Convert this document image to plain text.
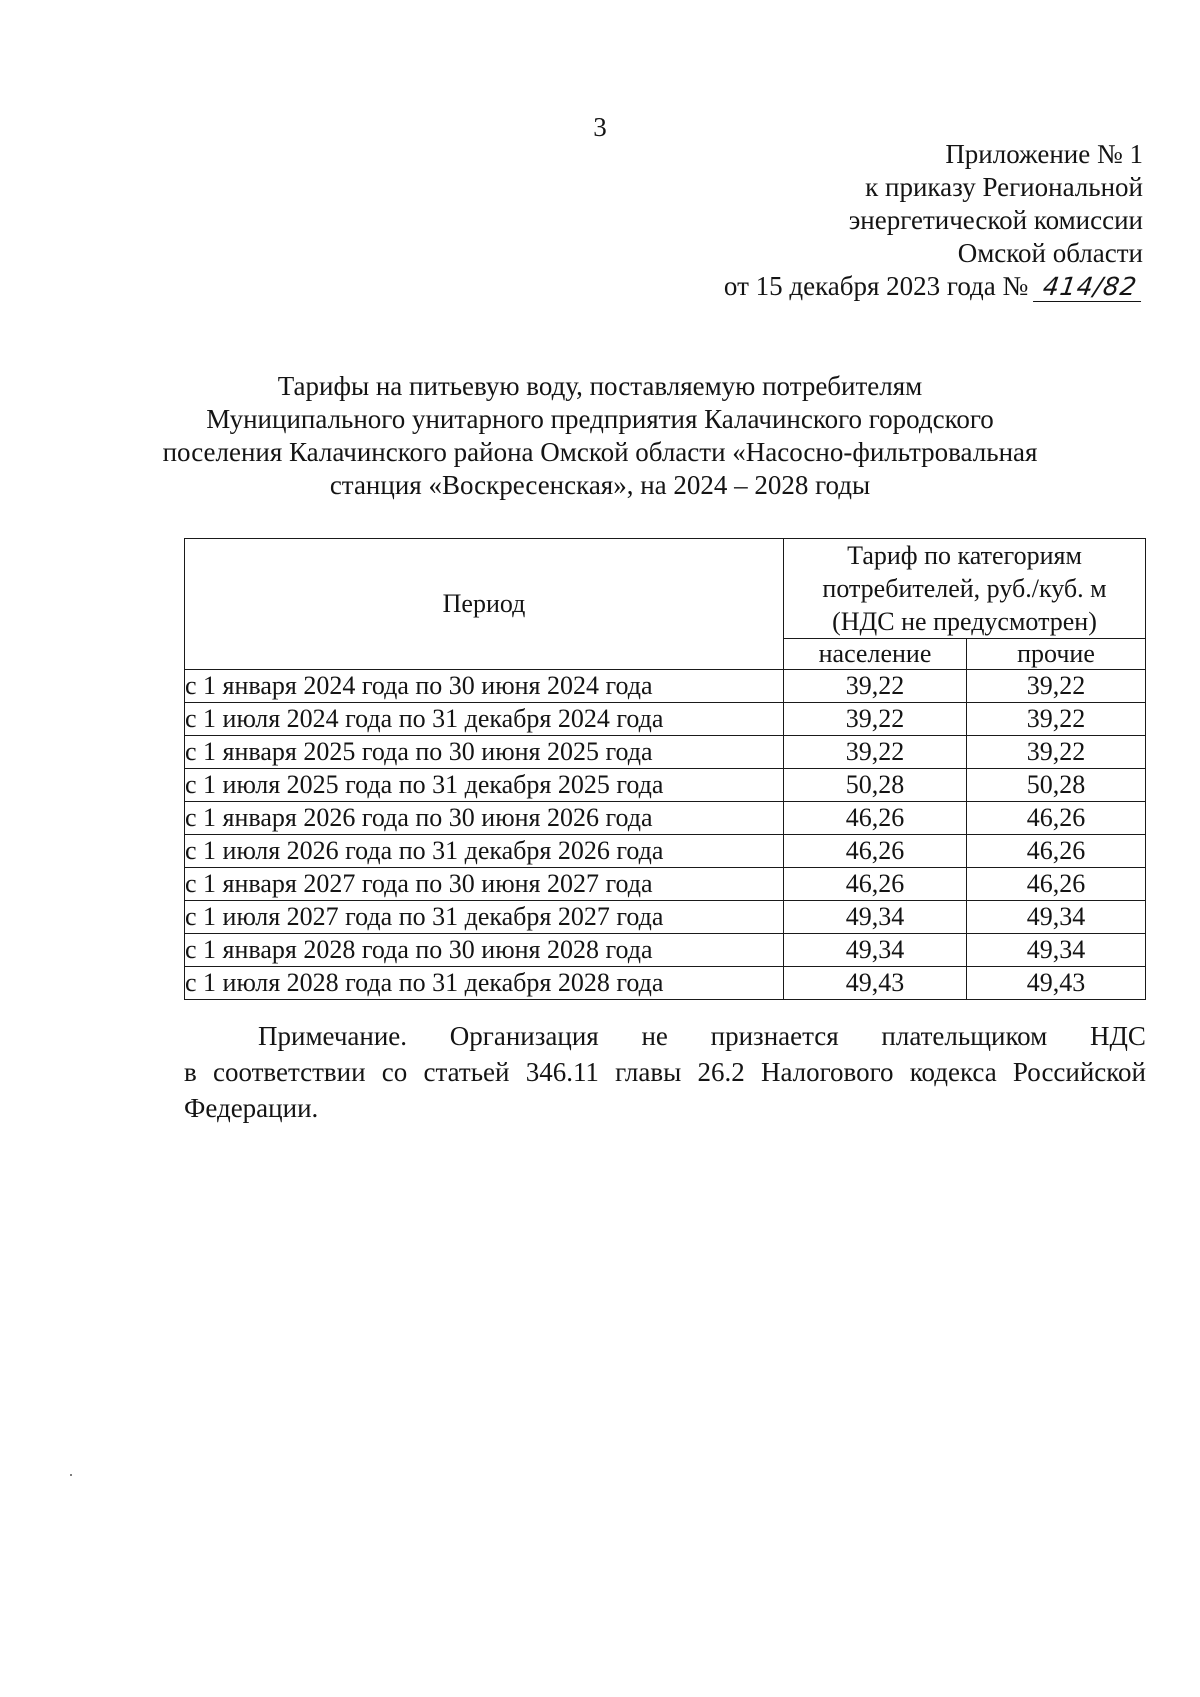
3
Приложение № 1
к приказу Региональной
энергетической комиссии
Омской области
от 15 декабря 2023 года № 414/82
Тарифы на питьевую воду, поставляемую потребителям
Муниципального унитарного предприятия Калачинского городского
поселения Калачинского района Омской области «Насосно-фильтровальная
станция «Воскресенская», на 2024 – 2028 годы
Период	Тариф по категориям
потребителей, руб./куб. м
(НДС не предусмотрен)	
	население	прочие
с 1 января 2024 года по 30 июня 2024 года	39,22	39,22
с 1 июля 2024 года по 31 декабря 2024 года	39,22	39,22
с 1 января 2025 года по 30 июня 2025 года	39,22	39,22
с 1 июля 2025 года по 31 декабря 2025 года	50,28	50,28
с 1 января 2026 года по 30 июня 2026 года	46,26	46,26
с 1 июля 2026 года по 31 декабря 2026 года	46,26	46,26
с 1 января 2027 года по 30 июня 2027 года	46,26	46,26
с 1 июля 2027 года по 31 декабря 2027 года	49,34	49,34
с 1 января 2028 года по 30 июня 2028 года	49,34	49,34
с 1 июля 2028 года по 31 декабря 2028 года	49,43	49,43
Примечание. Организация не признается плательщиком НДС
в соответствии со статьей 346.11 главы 26.2 Налогового кодекса Российской
Федерации.
